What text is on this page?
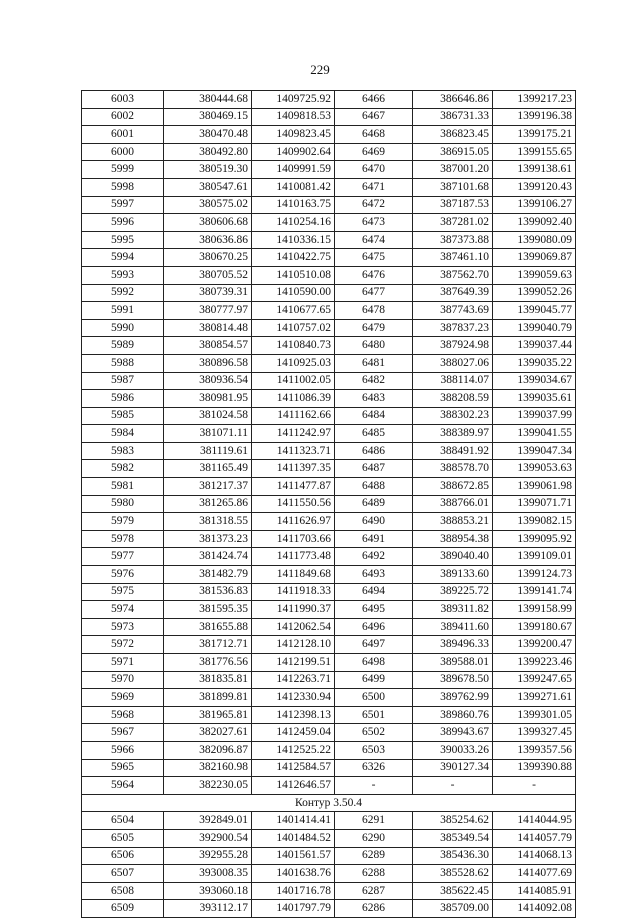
229
6003	380444.68	1409725.92	6466	386646.86	1399217.23
6002	380469.15	1409818.53	6467	386731.33	1399196.38
6001	380470.48	1409823.45	6468	386823.45	1399175.21
6000	380492.80	1409902.64	6469	386915.05	1399155.65
5999	380519.30	1409991.59	6470	387001.20	1399138.61
5998	380547.61	1410081.42	6471	387101.68	1399120.43
5997	380575.02	1410163.75	6472	387187.53	1399106.27
5996	380606.68	1410254.16	6473	387281.02	1399092.40
5995	380636.86	1410336.15	6474	387373.88	1399080.09
5994	380670.25	1410422.75	6475	387461.10	1399069.87
5993	380705.52	1410510.08	6476	387562.70	1399059.63
5992	380739.31	1410590.00	6477	387649.39	1399052.26
5991	380777.97	1410677.65	6478	387743.69	1399045.77
5990	380814.48	1410757.02	6479	387837.23	1399040.79
5989	380854.57	1410840.73	6480	387924.98	1399037.44
5988	380896.58	1410925.03	6481	388027.06	1399035.22
5987	380936.54	1411002.05	6482	388114.07	1399034.67
5986	380981.95	1411086.39	6483	388208.59	1399035.61
5985	381024.58	1411162.66	6484	388302.23	1399037.99
5984	381071.11	1411242.97	6485	388389.97	1399041.55
5983	381119.61	1411323.71	6486	388491.92	1399047.34
5982	381165.49	1411397.35	6487	388578.70	1399053.63
5981	381217.37	1411477.87	6488	388672.85	1399061.98
5980	381265.86	1411550.56	6489	388766.01	1399071.71
5979	381318.55	1411626.97	6490	388853.21	1399082.15
5978	381373.23	1411703.66	6491	388954.38	1399095.92
5977	381424.74	1411773.48	6492	389040.40	1399109.01
5976	381482.79	1411849.68	6493	389133.60	1399124.73
5975	381536.83	1411918.33	6494	389225.72	1399141.74
5974	381595.35	1411990.37	6495	389311.82	1399158.99
5973	381655.88	1412062.54	6496	389411.60	1399180.67
5972	381712.71	1412128.10	6497	389496.33	1399200.47
5971	381776.56	1412199.51	6498	389588.01	1399223.46
5970	381835.81	1412263.71	6499	389678.50	1399247.65
5969	381899.81	1412330.94	6500	389762.99	1399271.61
5968	381965.81	1412398.13	6501	389860.76	1399301.05
5967	382027.61	1412459.04	6502	389943.67	1399327.45
5966	382096.87	1412525.22	6503	390033.26	1399357.56
5965	382160.98	1412584.57	6326	390127.34	1399390.88
5964	382230.05	1412646.57	-	-	-
Контур 3.50.4					
6504	392849.01	1401414.41	6291	385254.62	1414044.95
6505	392900.54	1401484.52	6290	385349.54	1414057.79
6506	392955.28	1401561.57	6289	385436.30	1414068.13
6507	393008.35	1401638.76	6288	385528.62	1414077.69
6508	393060.18	1401716.78	6287	385622.45	1414085.91
6509	393112.17	1401797.79	6286	385709.00	1414092.08
